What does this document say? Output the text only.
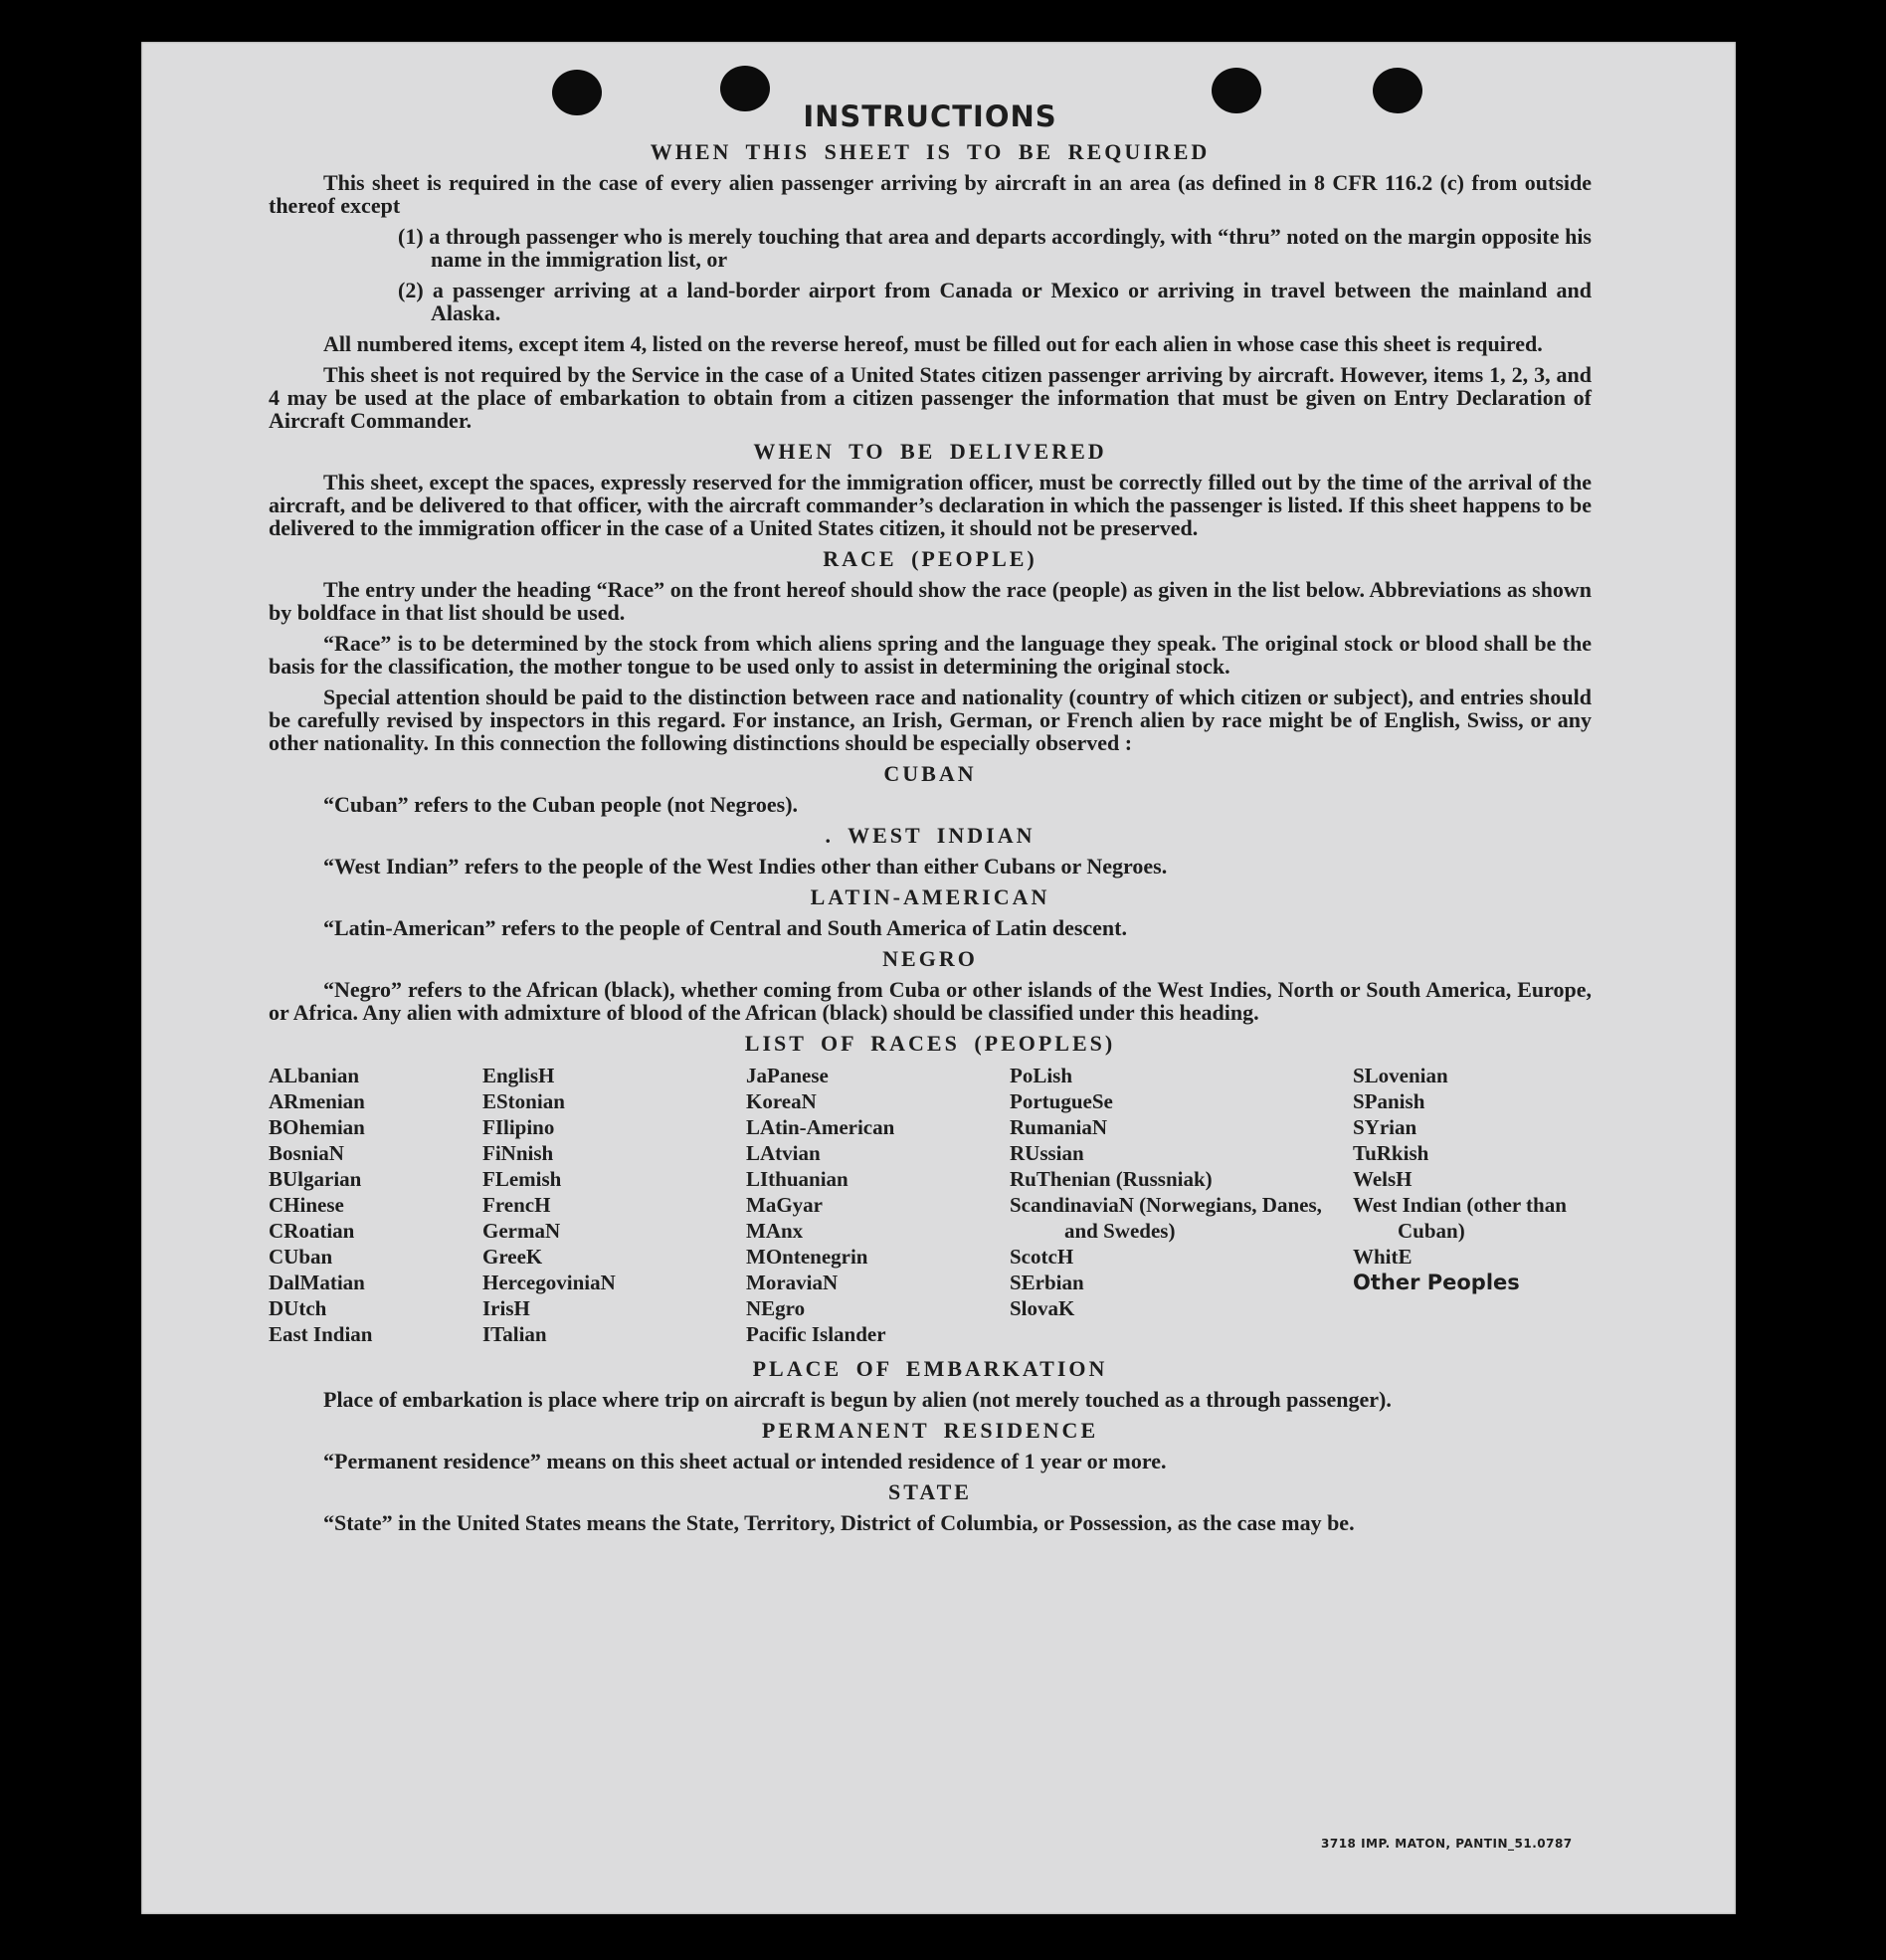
INSTRUCTIONS
WHEN THIS SHEET IS TO BE REQUIRED

This sheet is required in the case of every alien passenger arriving by aircraft in an area (as defined in 8 CFR 116.2 (c) from outside thereof except

(1) a through passenger who is merely touching that area and departs accordingly, with “thru” noted on the margin opposite his name in the immigration list, or
(2) a passenger arriving at a land-border airport from Canada or Mexico or arriving in travel between the mainland and Alaska.

All numbered items, except item 4, listed on the reverse hereof, must be filled out for each alien in whose case this sheet is required.

This sheet is not required by the Service in the case of a United States citizen passenger arriving by aircraft. However, items 1, 2, 3, and 4 may be used at the place of embarkation to obtain from a citizen passenger the information that must be given on Entry Declaration of Aircraft Commander.

WHEN TO BE DELIVERED

This sheet, except the spaces, expressly reserved for the immigration officer, must be correctly filled out by the time of the arrival of the aircraft, and be delivered to that officer, with the aircraft commander’s declaration in which the passenger is listed. If this sheet happens to be delivered to the immigration officer in the case of a United States citizen, it should not be preserved.

RACE (PEOPLE)

The entry under the heading “Race” on the front hereof should show the race (people) as given in the list below. Abbreviations as shown by boldface in that list should be used.

“Race” is to be determined by the stock from which aliens spring and the language they speak. The original stock or blood shall be the basis for the classification, the mother tongue to be used only to assist in determining the original stock.

Special attention should be paid to the distinction between race and nationality (country of which citizen or subject), and entries should be carefully revised by inspectors in this regard. For instance, an Irish, German, or French alien by race might be of English, Swiss, or any other nationality. In this connection the following distinctions should be especially observed :

CUBAN

“Cuban” refers to the Cuban people (not Negroes).

. WEST INDIAN

“West Indian” refers to the people of the West Indies other than either Cubans or Negroes.

LATIN-AMERICAN

“Latin-American” refers to the people of Central and South America of Latin descent.

NEGRO

“Negro” refers to the African (black), whether coming from Cuba or other islands of the West Indies, North or South America, Europe, or Africa. Any alien with admixture of blood of the African (black) should be classified under this heading.

LIST OF RACES (PEOPLES)
ALbanian
ARmenian
BOhemian
BosniaN
BUlgarian
CHinese
CRoatian
CUban
DalMatian
DUtch
East Indian
EnglisH
EStonian
FIlipino
FiNnish
FLemish
FrencH
GermaN
GreeK
HercegoviniaN
IrisH
ITalian
JaPanese
KoreaN
LAtin-American
LAtvian
LIthuanian
MaGyar
MAnx
MOntenegrin
MoraviaN
NEgro
Pacific Islander
PoLish
PortugueSe
RumaniaN
RUssian
RuThenian (Russniak)
ScandinaviaN (Norwegians, Danes, and Swedes)
ScotcH
SErbian
SlovaK
SLovenian
SPanish
SYrian
TuRkish
WelsH
West Indian (other than Cuban)
WhitE
Other Peoples
PLACE OF EMBARKATION

Place of embarkation is place where trip on aircraft is begun by alien (not merely touched as a through passenger).

PERMANENT RESIDENCE

“Permanent residence” means on this sheet actual or intended residence of 1 year or more.

STATE

“State” in the United States means the State, Territory, District of Columbia, or Possession, as the case may be.

3718 IMP. MATON, PANTIN_51.0787
